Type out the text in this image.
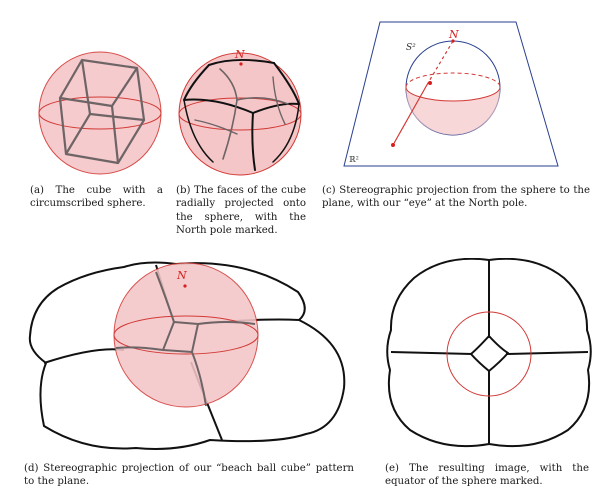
N
ℝ²
N
S²
N
(a) The cube with a circumscribed sphere.
(b) The faces of the cube radially projected onto the sphere, with the North pole marked.
(c) Stereographic projection from the sphere to the plane, with our “eye” at the North pole.
(d) Stereographic projection of our “beach ball cube” pattern to the plane.
(e) The resulting image, with the equator of the sphere marked.
